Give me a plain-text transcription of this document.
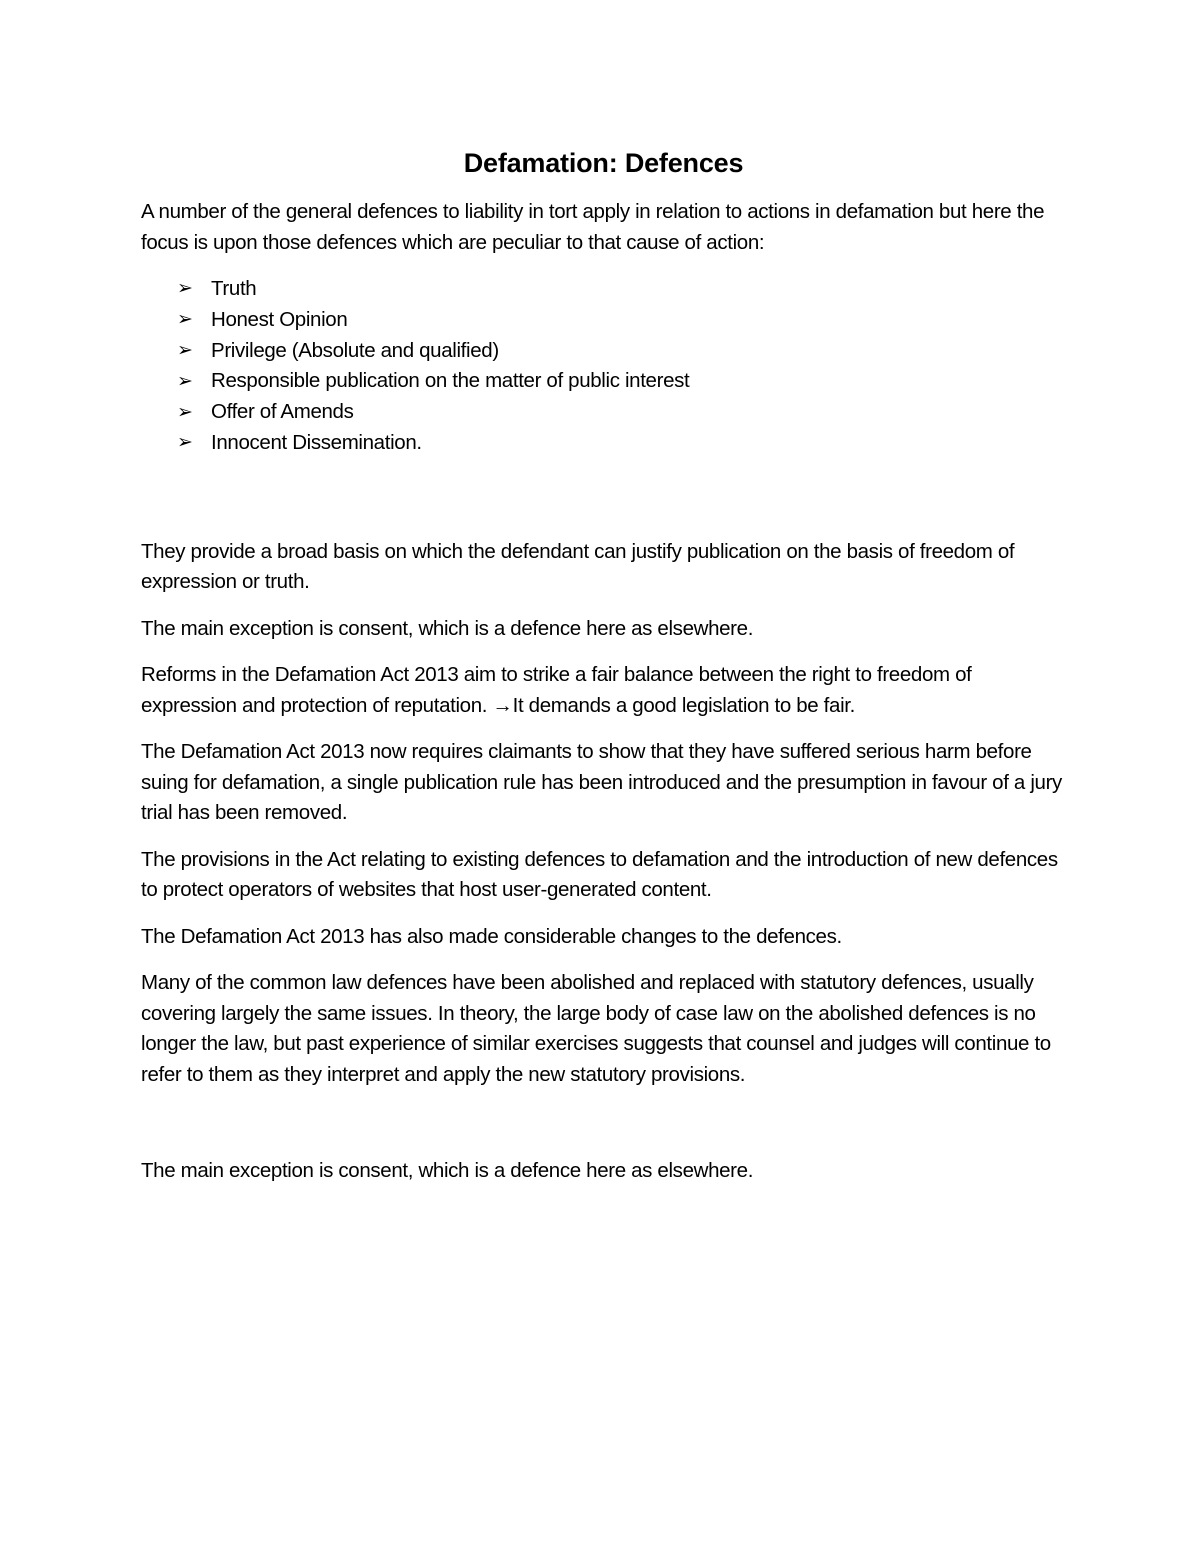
Defamation: Defences

A number of the general defences to liability in tort apply in relation to actions in defamation but here the focus is upon those defences which are peculiar to that cause of action:

➢ Truth
➢ Honest Opinion
➢ Privilege (Absolute and qualified)
➢ Responsible publication on the matter of public interest
➢ Offer of Amends
➢ Innocent Dissemination.

They provide a broad basis on which the defendant can justify publication on the basis of freedom of expression or truth.

The main exception is consent, which is a defence here as elsewhere.

Reforms in the Defamation Act 2013 aim to strike a fair balance between the right to freedom of expression and protection of reputation. →It demands a good legislation to be fair.

The Defamation Act 2013 now requires claimants to show that they have suffered serious harm before suing for defamation, a single publication rule has been introduced and the presumption in favour of a jury trial has been removed.

The provisions in the Act relating to existing defences to defamation and the introduction of new defences to protect operators of websites that host user-generated content.

The Defamation Act 2013 has also made considerable changes to the defences.

Many of the common law defences have been abolished and replaced with statutory defences, usually covering largely the same issues. In theory, the large body of case law on the abolished defences is no longer the law, but past experience of similar exercises suggests that counsel and judges will continue to refer to them as they interpret and apply the new statutory provisions.

The main exception is consent, which is a defence here as elsewhere.
